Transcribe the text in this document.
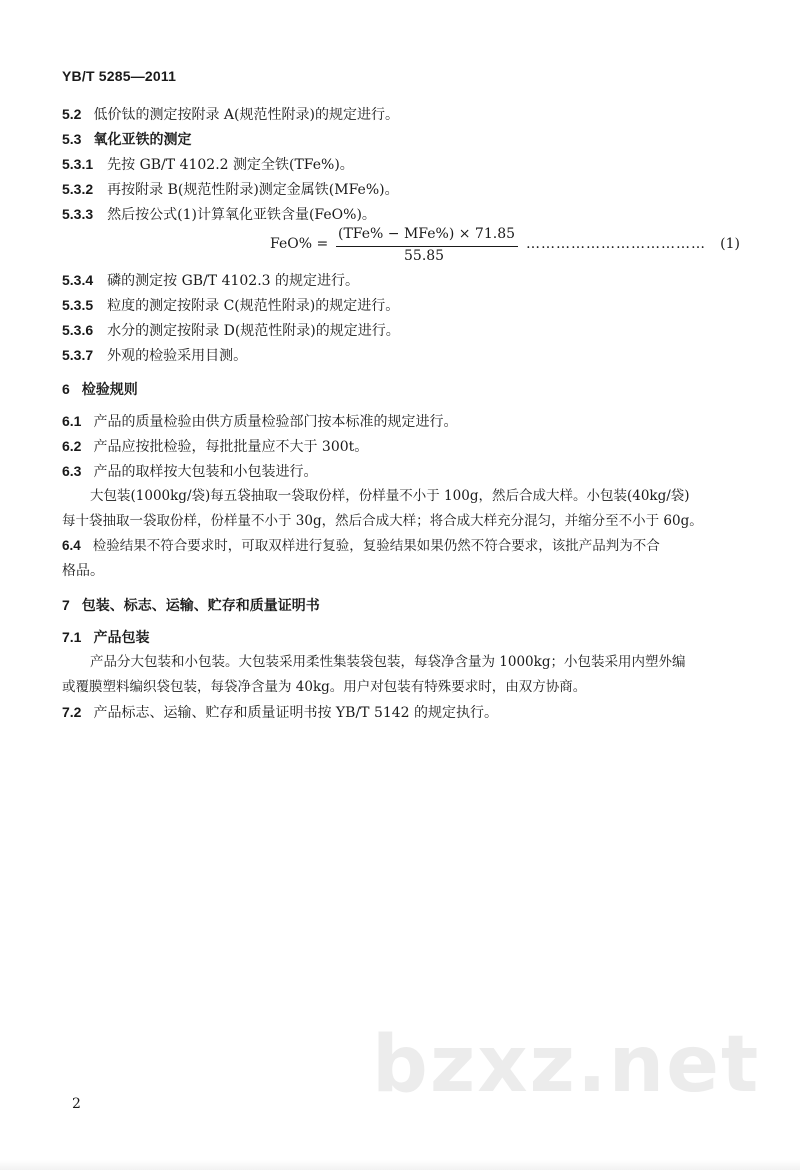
YB/T 5285—2011
5.2 低价钛的测定按附录 A(规范性附录)的规定进行。
5.3 氧化亚铁的测定
5.3.1 先按 GB/T 4102.2 测定全铁(TFe%)。
5.3.2 再按附录 B(规范性附录)测定金属铁(MFe%)。
5.3.3 然后按公式(1)计算氧化亚铁含量(FeO%)。
FeO% =
(TFe% − MFe%) × 71.85
55.85
……………………………… (1)
5.3.4 磷的测定按 GB/T 4102.3 的规定进行。
5.3.5 粒度的测定按附录 C(规范性附录)的规定进行。
5.3.6 水分的测定按附录 D(规范性附录)的规定进行。
5.3.7 外观的检验采用目测。
6 检验规则
6.1 产品的质量检验由供方质量检验部门按本标准的规定进行。
6.2 产品应按批检验，每批批量应不大于 300t。
6.3 产品的取样按大包装和小包装进行。
大包装(1000kg/袋)每五袋抽取一袋取份样，份样量不小于 100g，然后合成大样。小包装(40kg/袋)
每十袋抽取一袋取份样，份样量不小于 30g，然后合成大样；将合成大样充分混匀，并缩分至不小于 60g。
6.4 检验结果不符合要求时，可取双样进行复验，复验结果如果仍然不符合要求，该批产品判为不合
格品。
7 包装、标志、运输、贮存和质量证明书
7.1 产品包装
产品分大包装和小包装。大包装采用柔性集装袋包装，每袋净含量为 1000kg；小包装采用内塑外编
或覆膜塑料编织袋包装，每袋净含量为 40kg。用户对包装有特殊要求时，由双方协商。
7.2 产品标志、运输、贮存和质量证明书按 YB/T 5142 的规定执行。
bzxz.net
2
